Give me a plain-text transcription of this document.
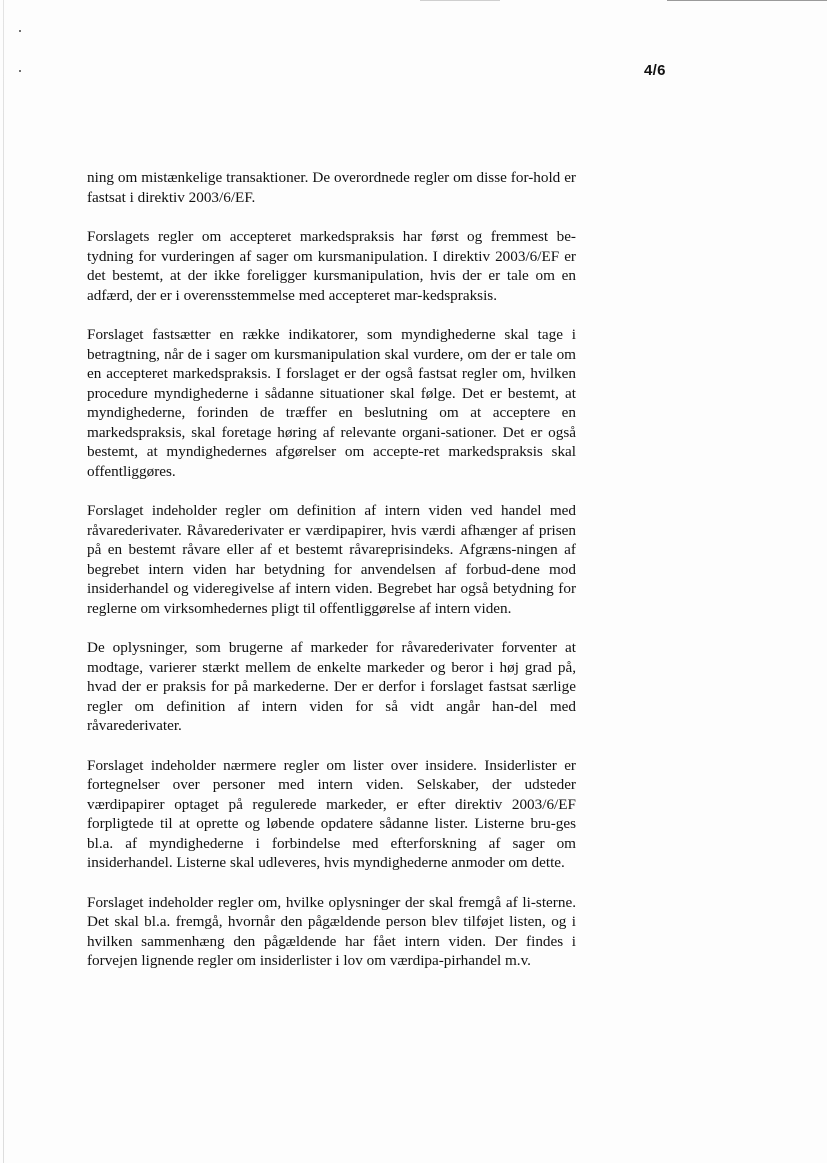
4/6

ning om mistænkelige transaktioner. De overordnede regler om disse for-hold er fastsat i direktiv 2003/6/EF.

Forslagets regler om accepteret markedspraksis har først og fremmest be-tydning for vurderingen af sager om kursmanipulation. I direktiv 2003/6/EF er det bestemt, at der ikke foreligger kursmanipulation, hvis der er tale om en adfærd, der er i overensstemmelse med accepteret mar-kedspraksis.

Forslaget fastsætter en række indikatorer, som myndighederne skal tage i betragtning, når de i sager om kursmanipulation skal vurdere, om der er tale om en accepteret markedspraksis. I forslaget er der også fastsat regler om, hvilken procedure myndighederne i sådanne situationer skal følge. Det er bestemt, at myndighederne, forinden de træffer en beslutning om at acceptere en markedspraksis, skal foretage høring af relevante organi-sationer. Det er også bestemt, at myndighedernes afgørelser om accepte-ret markedspraksis skal offentliggøres.

Forslaget indeholder regler om definition af intern viden ved handel med råvarederivater. Råvarederivater er værdipapirer, hvis værdi afhænger af prisen på en bestemt råvare eller af et bestemt råvareprisindeks. Afgræns-ningen af begrebet intern viden har betydning for anvendelsen af forbud-dene mod insiderhandel og videregivelse af intern viden. Begrebet har også betydning for reglerne om virksomhedernes pligt til offentliggørelse af intern viden.

De oplysninger, som brugerne af markeder for råvarederivater forventer at modtage, varierer stærkt mellem de enkelte markeder og beror i høj grad på, hvad der er praksis for på markederne. Der er derfor i forslaget fastsat særlige regler om definition af intern viden for så vidt angår han-del med råvarederivater.

Forslaget indeholder nærmere regler om lister over insidere. Insiderlister er fortegnelser over personer med intern viden. Selskaber, der udsteder værdipapirer optaget på regulerede markeder, er efter direktiv 2003/6/EF forpligtede til at oprette og løbende opdatere sådanne lister. Listerne bru-ges bl.a. af myndighederne i forbindelse med efterforskning af sager om insiderhandel. Listerne skal udleveres, hvis myndighederne anmoder om dette.

Forslaget indeholder regler om, hvilke oplysninger der skal fremgå af li-sterne. Det skal bl.a. fremgå, hvornår den pågældende person blev tilføjet listen, og i hvilken sammenhæng den pågældende har fået intern viden. Der findes i forvejen lignende regler om insiderlister i lov om værdipa-pirhandel m.v.
